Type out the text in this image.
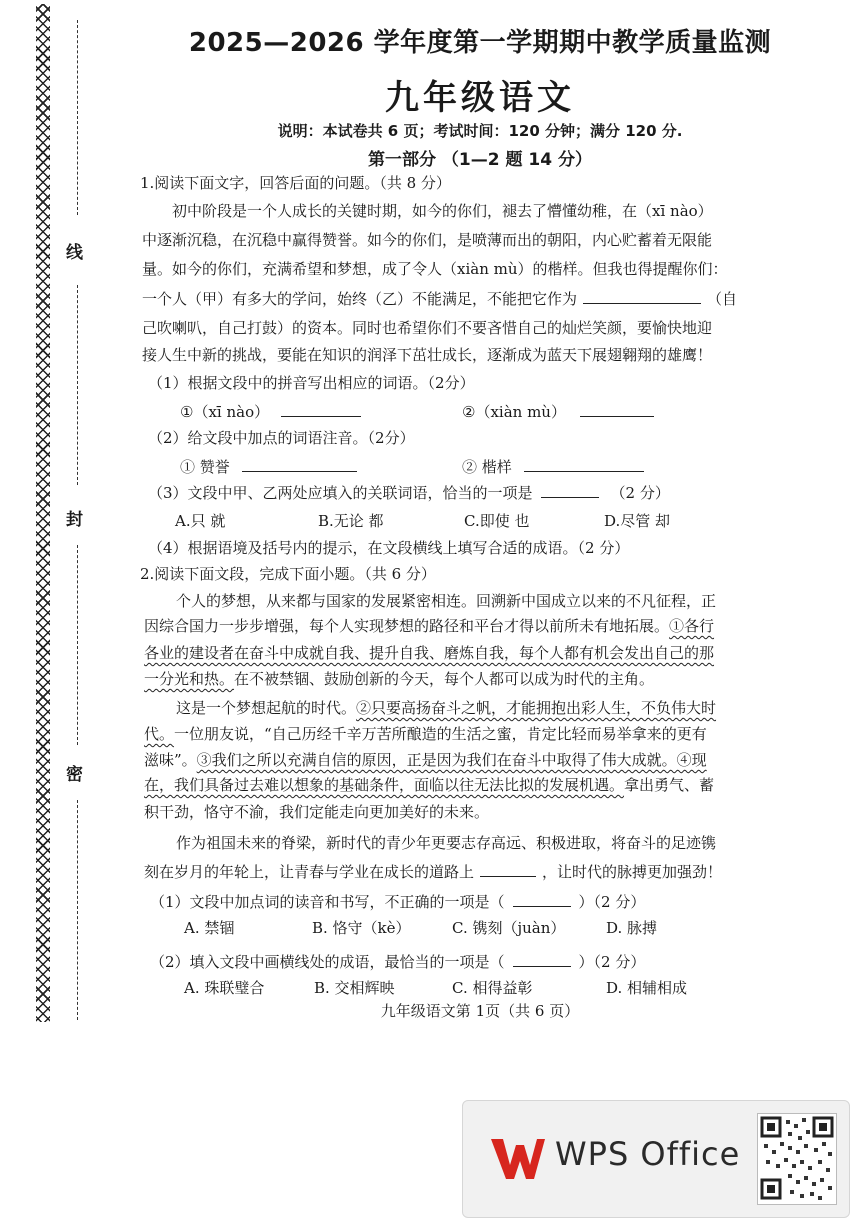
线
封
密
2025—2026 学年度第一学期期中教学质量监测
九年级语文
说明：本试卷共 6 页；考试时间：120 分钟；满分 120 分.
第一部分 （1—2 题 14 分）
1.阅读下面文字，回答后面的问题。（共 8 分）
初中阶段是一个人成长的关键时期，如今的你们，褪去了懵懂幼稚，在（xī nào）
中逐渐沉稳，在沉稳中赢得赞誉。如今的你们，是喷薄而出的朝阳，内心贮蓄着无限能
量。如今的你们，充满希望和梦想，成了令人（xiàn mù）的楷样。但我也得提醒你们：
一个人（甲）有多大的学问，始终（乙）不能满足，不能把它作为	（自
己吹喇叭，自己打鼓）的资本。同时也希望你们不要吝惜自己的灿烂笑颜，要愉快地迎
接人生中新的挑战，要能在知识的润泽下茁壮成长，逐渐成为蓝天下展翅翱翔的雄鹰！
（1）根据文段中的拼音写出相应的词语。（2分）
①（xī nào）	②（xiàn mù）
（2）给文段中加点的词语注音。（2分）
① 赞誉	② 楷样
（3）文段中甲、乙两处应填入的关联词语，恰当的一项是	（2 分）
A.只 就	B.无论 都	C.即使 也	D.尽管 却
（4）根据语境及括号内的提示，在文段横线上填写合适的成语。（2 分）
2.阅读下面文段，完成下面小题。（共 6 分）
个人的梦想，从来都与国家的发展紧密相连。回溯新中国成立以来的不凡征程，正
因综合国力一步步增强，每个人实现梦想的路径和平台才得以前所未有地拓展。①各行
各业的建设者在奋斗中成就自我、提升自我、磨炼自我，每个人都有机会发出自己的那
一分光和热。在不被禁锢、鼓励创新的今天，每个人都可以成为时代的主角。
这是一个梦想起航的时代。②只要高扬奋斗之帆，才能拥抱出彩人生，不负伟大时
代。一位朋友说，“自己历经千辛万苦所酿造的生活之蜜，肯定比轻而易举拿来的更有
滋味”。③我们之所以充满自信的原因，正是因为我们在奋斗中取得了伟大成就。④现
在，我们具备过去难以想象的基础条件，面临以往无法比拟的发展机遇。拿出勇气、蓄
积干劲，恪守不渝，我们定能走向更加美好的未来。
作为祖国未来的脊梁，新时代的青少年更要志存高远、积极进取，将奋斗的足迹镌
刻在岁月的年轮上，让青春与学业在成长的道路上	，让时代的脉搏更加强劲！
（1）文段中加点词的读音和书写，不正确的一项是（	）（2 分）
A. 禁锢	B. 恪守（kè）	C. 镌刻（juàn）	D. 脉搏
（2）填入文段中画横线处的成语，最恰当的一项是（	）（2 分）
A. 珠联璧合	B. 交相辉映	C. 相得益彰	D. 相辅相成
九年级语文第 1页（共 6 页）
WPS Office
